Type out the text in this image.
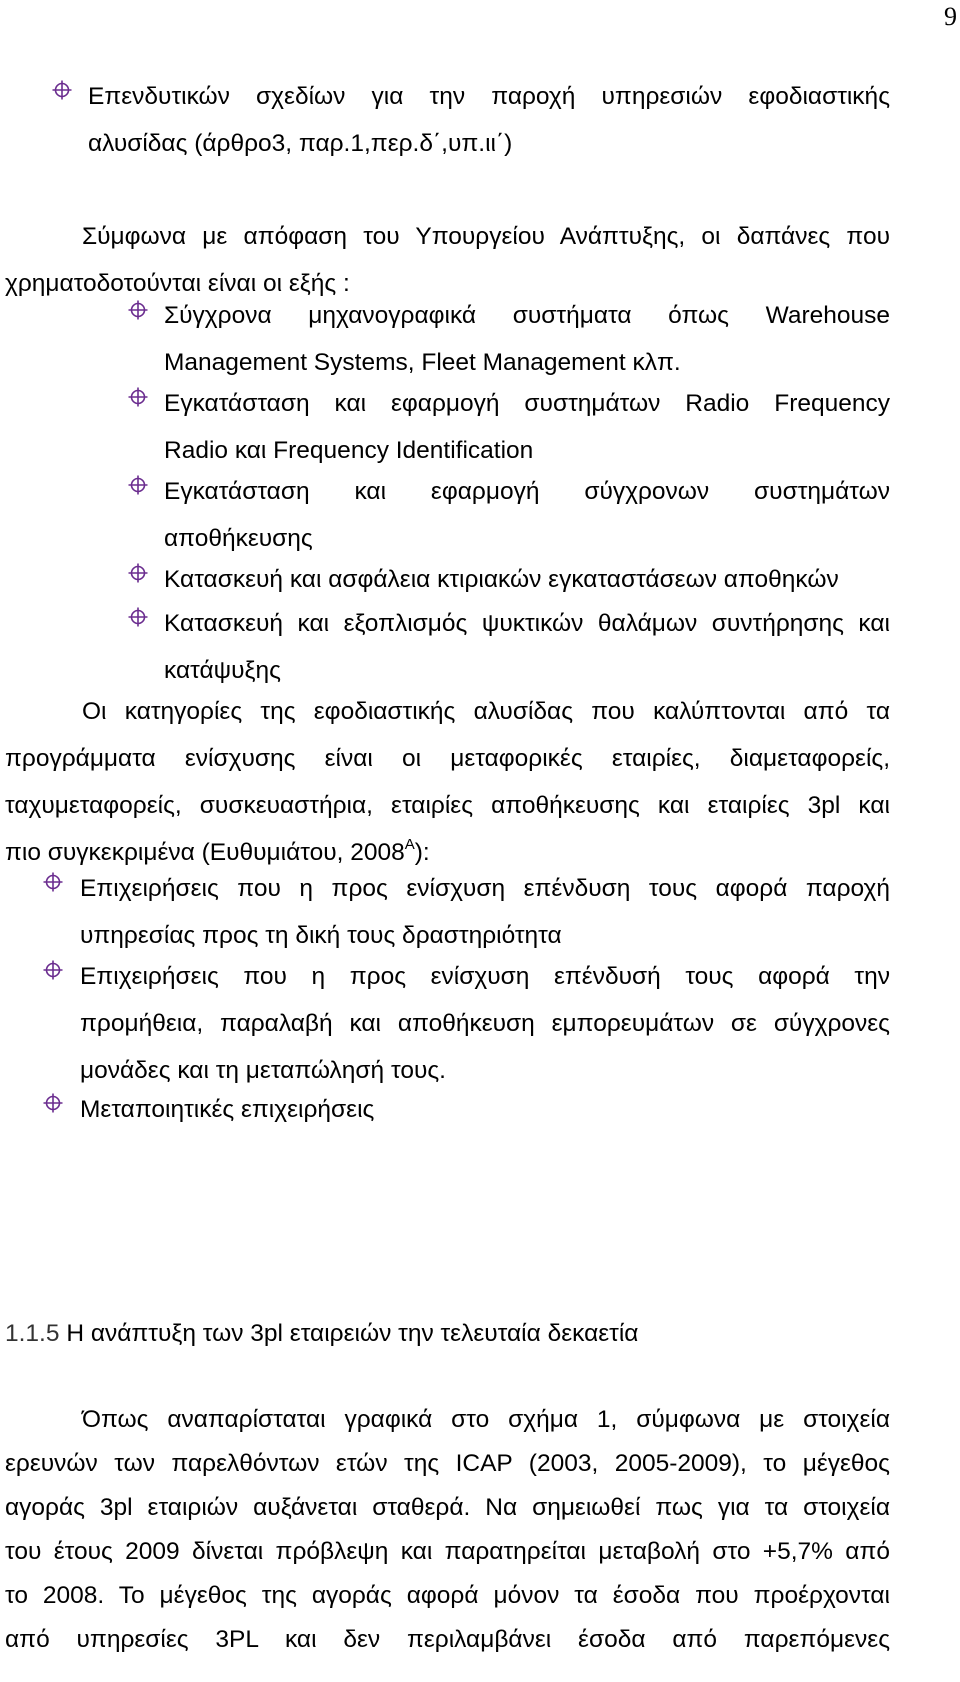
9
Επενδυτικών σχεδίων για την παροχή υπηρεσιών εφοδιαστικής
αλυσίδας (άρθρο3, παρ.1,περ.δ΄,υπ.ιι΄)
Σύμφωνα με απόφαση του Υπουργείου Ανάπτυξης, οι δαπάνες που
χρηματοδοτούνται είναι οι εξής :
Σύγχρονα μηχανογραφικά συστήματα όπως Warehouse
Management Systems, Fleet Management κλπ.
Εγκατάσταση και εφαρμογή συστημάτων Radio Frequency
Radio και Frequency Identification
Εγκατάσταση και εφαρμογή σύγχρονων συστημάτων
αποθήκευσης
Κατασκευή και ασφάλεια κτιριακών εγκαταστάσεων αποθηκών
Κατασκευή και εξοπλισμός ψυκτικών θαλάμων συντήρησης και
κατάψυξης
Οι κατηγορίες της εφοδιαστικής αλυσίδας που καλύπτονται από τα
προγράμματα ενίσχυσης είναι οι μεταφορικές εταιρίες, διαμεταφορείς,
ταχυμεταφορείς, συσκευαστήρια, εταιρίες αποθήκευσης και εταιρίες 3pl και
πιο συγκεκριμένα (Ευθυμιάτου, $2008^A$):
Επιχειρήσεις που η προς ενίσχυση επένδυση τους αφορά παροχή
υπηρεσίας προς τη δική τους δραστηριότητα
Επιχειρήσεις που η προς ενίσχυση επένδυσή τους αφορά την
προμήθεια, παραλαβή και αποθήκευση εμπορευμάτων σε σύγχρονες
μονάδες και τη μεταπώλησή τους.
Μεταποιητικές επιχειρήσεις
1.1.5 Η ανάπτυξη των 3pl εταιρειών την τελευταία δεκαετία
Όπως αναπαρίσταται γραφικά στο σχήμα 1, σύμφωνα με στοιχεία
ερευνών των παρελθόντων ετών της ICAP (2003, 2005-2009), το μέγεθος
αγοράς 3pl εταιριών αυξάνεται σταθερά. Να σημειωθεί πως για τα στοιχεία
του έτους 2009 δίνεται πρόβλεψη και παρατηρείται μεταβολή στο +5,7% από
το 2008. Το μέγεθος της αγοράς αφορά μόνον τα έσοδα που προέρχονται
από υπηρεσίες 3PL και δεν περιλαμβάνει έσοδα από παρεπόμενες
